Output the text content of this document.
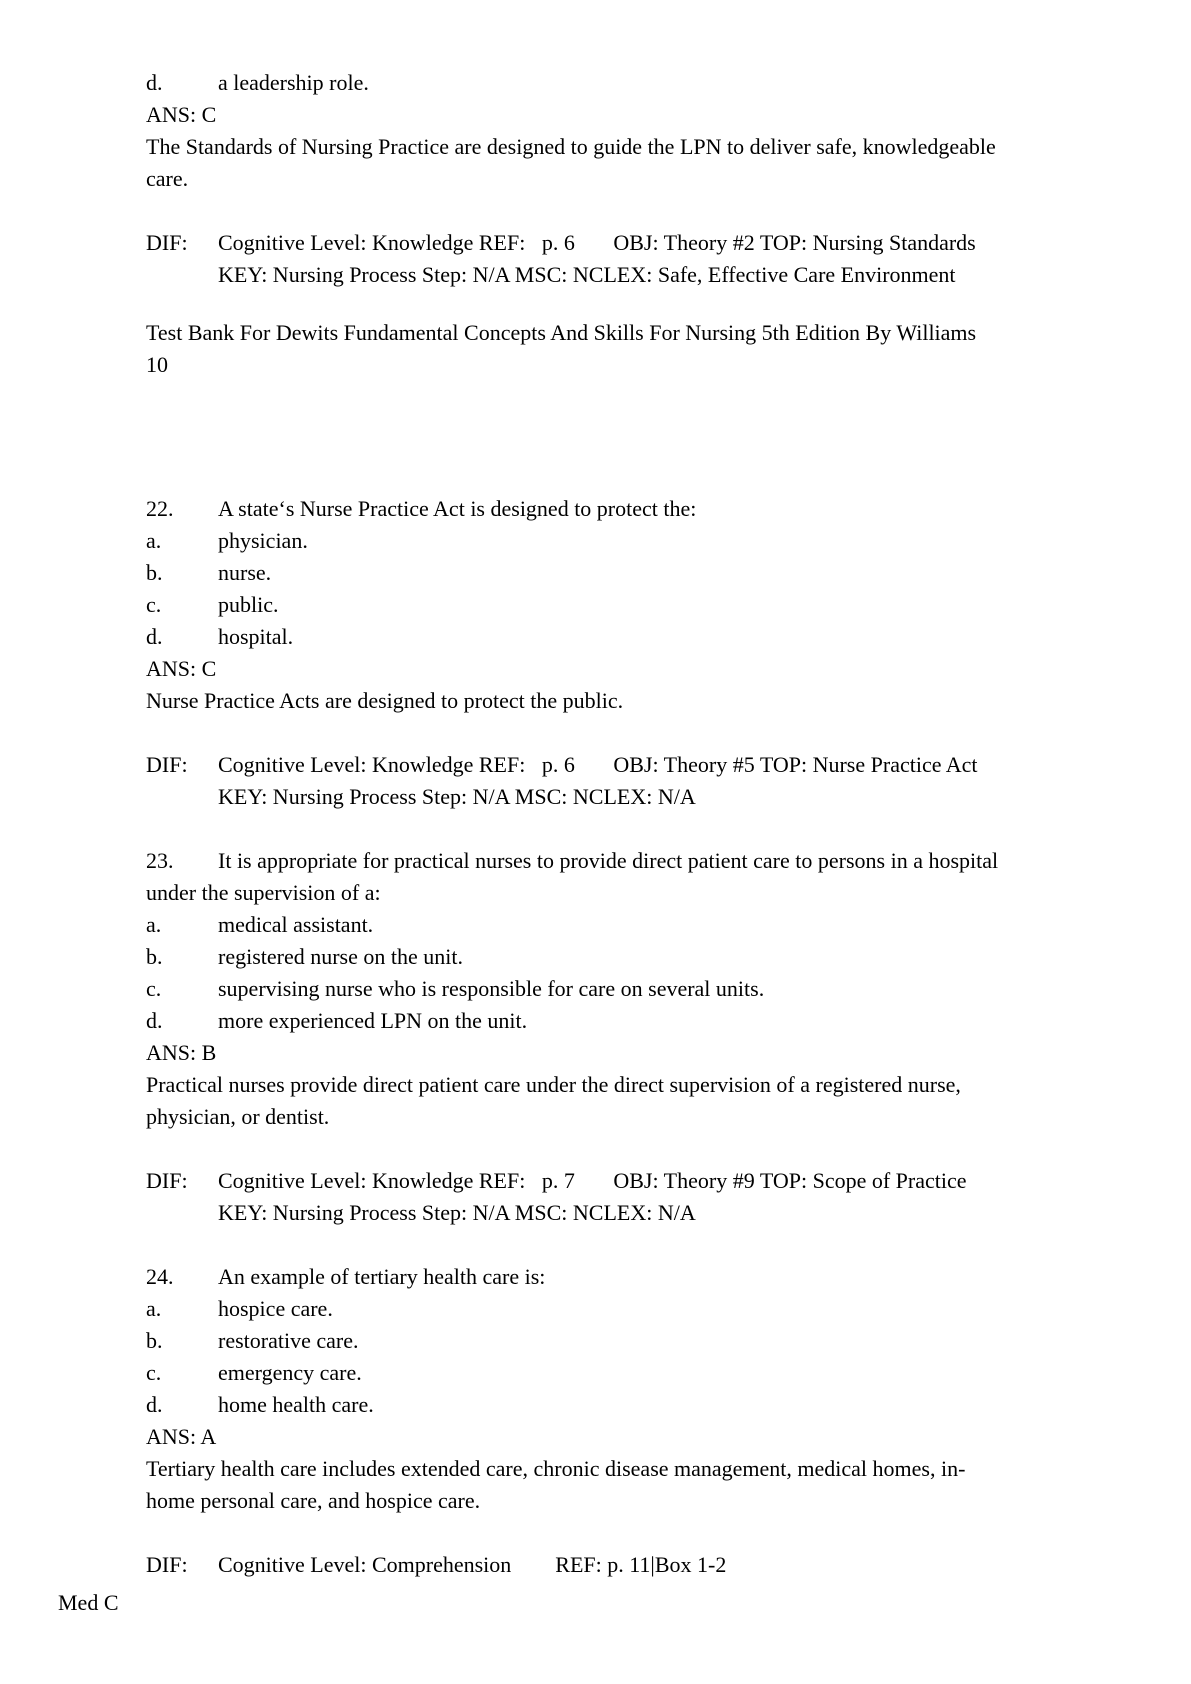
d.	a leadership role.
ANS: C
The Standards of Nursing Practice are designed to guide the LPN to deliver safe, knowledgeable
care.
DIF: Cognitive Level: Knowledge REF:   p. 6       OBJ: Theory #2 TOP: Nursing Standards
KEY: Nursing Process Step: N/A MSC: NCLEX: Safe, Effective Care Environment
Test Bank For Dewits Fundamental Concepts And Skills For Nursing 5th Edition By Williams
10
22. A state‘s Nurse Practice Act is designed to protect the:
a.	physician.
b.	nurse.
c.	public.
d.	hospital.
ANS: C
Nurse Practice Acts are designed to protect the public.
DIF: Cognitive Level: Knowledge REF:   p. 6       OBJ: Theory #5 TOP: Nurse Practice Act
KEY: Nursing Process Step: N/A MSC: NCLEX: N/A
23. It is appropriate for practical nurses to provide direct patient care to persons in a hospital
under the supervision of a:
a.	medical assistant.
b.	registered nurse on the unit.
c.	supervising nurse who is responsible for care on several units.
d.	more experienced LPN on the unit.
ANS: B
Practical nurses provide direct patient care under the direct supervision of a registered nurse,
physician, or dentist.
DIF: Cognitive Level: Knowledge REF:   p. 7       OBJ: Theory #9 TOP: Scope of Practice
KEY: Nursing Process Step: N/A MSC: NCLEX: N/A
24. An example of tertiary health care is:
a.	hospice care.
b.	restorative care.
c.	emergency care.
d.	home health care.
ANS: A
Tertiary health care includes extended care, chronic disease management, medical homes, in-
home personal care, and hospice care.
DIF: Cognitive Level: Comprehension        REF: p. 11|Box 1-2
Med C
